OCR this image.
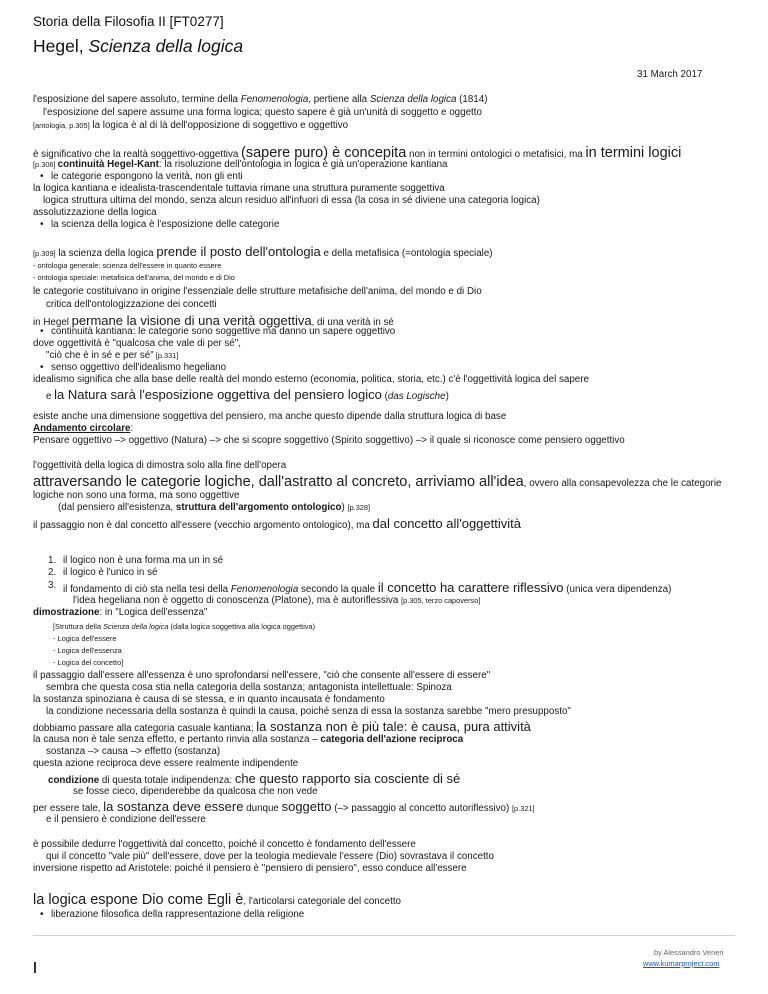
Storia della Filosofia II [FT0277]
Hegel, Scienza della logica
31 March 2017
l'esposizione del sapere assoluto, termine della Fenomenologia, pertiene alla Scienza della logica (1814)
l'esposizione del sapere assume una forma logica; questo sapere è già un'unità di soggetto e oggetto
[antologia, p.305] la logica è al di là dell'opposizione di soggettivo e oggettivo
è significativo che la realtà soggettivo-oggettiva (sapere puro) è concepita non in termini ontologici o metafisici, ma in termini logici
[p.306] continuità Hegel-Kant: la risoluzione dell'ontologia in logica è già un'operazione kantiana
• le categorie espongono la verità, non gli enti
la logica kantiana e idealista-trascendentale tuttavia rimane una struttura puramente soggettiva
logica struttura ultima del mondo, senza alcun residuo all'infuori di essa (la cosa in sé diviene una categoria logica)
assolutizzazione della logica
• la scienza della logica è l'esposizione delle categorie
[p.309] la scienza della logica prende il posto dell'ontologia e della metafisica (=ontologia speciale)
- ontologia generale: scienza dell'essere in quanto essere
- ontologia speciale: metafisica dell'anima, del mondo e di Dio
le categorie costituivano in origine l'essenziale delle strutture metafisiche dell'anima, del mondo e di Dio
critica dell'ontologizzazione dei concetti
in Hegel permane la visione di una verità oggettiva, di una verità in sé
• continuità kantiana: le categorie sono soggettive ma danno un sapere oggettivo
dove oggettività è "qualcosa che vale di per sé",
"ciò che è in sé e per sé" [p.331]
• senso oggettivo dell'idealismo hegeliano
idealismo significa che alla base delle realtà del mondo esterno (economia, politica, storia, etc.) c'è l'oggettività logica del sapere
e la Natura sarà l'esposizione oggettiva del pensiero logico (das Logische)
esiste anche una dimensione soggettiva del pensiero, ma anche questo dipende dalla struttura logica di base
Andamento circolare:
Pensare oggettivo –> oggettivo (Natura) –> che si scopre soggettivo (Spirito soggettivo) –> il quale si riconosce come pensiero oggettivo
l'oggettività della logica di dimostra solo alla fine dell'opera
attraversando le categorie logiche, dall'astratto al concreto, arriviamo all'idea, ovvero alla consapevolezza che le categorie
logiche non sono una forma, ma sono oggettive
(dal pensiero all'esistenza, struttura dell'argomento ontologico) [p.328]
il passaggio non è dal concetto all'essere (vecchio argomento ontologico), ma dal concetto all'oggettività
1. il logico non è una forma ma un in sé
2. il logico è l'unico in sé
3. il fondamento di ciò sta nella tesi della Fenomenologia secondo la quale il concetto ha carattere riflessivo (unica vera dipendenza)
l'idea hegeliana non è oggetto di conoscenza (Platone), ma è autoriflessiva [p.305, terzo capoverso]
dimostrazione: in "Logica dell'essenza"
[Struttura della Scienza della logica (dalla logica soggettiva alla logica oggettiva)
- Logica dell'essere
- Logica dell'essenza
- Logica del concetto]
il passaggio dall'essere all'essenza è uno sprofondarsi nell'essere, "ciò che consente all'essere di essere"
sembra che questa cosa stia nella categoria della sostanza; antagonista intellettuale: Spinoza
la sostanza spinoziana è causa di se stessa, e in quanto incausata è fondamento
la condizione necessaria della sostanza è quindi la causa, poiché senza di essa la sostanza sarebbe "mero presupposto"
dobbiamo passare alla categoria casuale kantiana; la sostanza non è più tale: è causa, pura attività
la causa non è tale senza effetto, e pertanto rinvia alla sostanza – categoria dell'azione reciproca
sostanza –> causa –> effetto (sostanza)
questa azione reciproca deve essere realmente indipendente
condizione di questa totale indipendenza: che questo rapporto sia cosciente di sé
se fosse cieco, dipenderebbe da qualcosa che non vede
per essere tale, la sostanza deve essere dunque soggetto (–> passaggio al concetto autoriflessivo) [p.321]
e il pensiero è condizione dell'essere
è possibile dedurre l'oggettività dal concetto, poiché il concetto è fondamento dell'essere
qui il concetto "vale più" dell'essere, dove per la teologia medievale l'essere (Dio) sovrastava il concetto
inversione rispetto ad Aristotele: poiché il pensiero è "pensiero di pensiero", esso conduce all'essere
la logica espone Dio come Egli è, l'articolarsi categoriale del concetto
• liberazione filosofica della rappresentazione della religione
by Alessandro Veneri
www.kumarproject.com
